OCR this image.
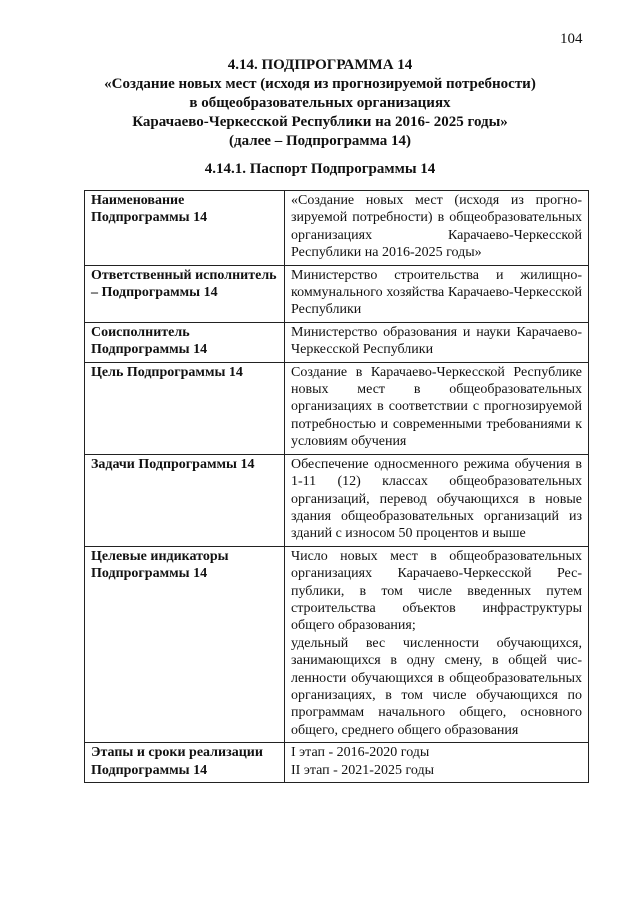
104
4.14. ПОДПРОГРАММА 14
«Создание новых мест (исходя из прогнозируемой потребности)
в общеобразовательных организациях
Карачаево-Черкесской Республики на 2016- 2025 годы»
(далее – Подпрограмма 14)
4.14.1. Паспорт Подпрограммы 14
Наименование Подпрограммы 14	«Создание новых мест (исходя из прогнозируемой потребности) в общеобразовательных организациях Карачаево-Черкесской Республики на 2016-2025 годы»
Ответственный исполнитель – Подпрограммы 14	Министерство строительства и жилищно-коммунального хозяйства Карачаево-Черкесской Республики
Соисполнитель Подпрограммы 14	Министерство образования и науки Карачаево-Черкесской Республики
Цель Подпрограммы 14	Создание в Карачаево-Черкесской Республике новых мест в общеобразовательных организациях в соответствии с прогнозируемой потребностью и современными требованиями к условиям обучения
Задачи Подпрограммы 14	Обеспечение односменного режима обучения в 1-11 (12) классах общеобразовательных организаций, перевод обучающихся в новые здания общеобразовательных организаций из зданий с износом 50 процентов и выше
Целевые индикаторы Подпрограммы 14	Число новых мест в общеобразовательных организациях Карачаево-Черкесской Республики, в том числе введенных путем строительства объектов инфраструктуры общего образования;
удельный вес численности обучающихся, занимающихся в одну смену, в общей численности обучающихся в общеобразовательных организациях, в том числе обучающихся по программам начального общего, основного общего, среднего общего образования

Этапы и сроки реализации Подпрограммы 14	I этап - 2016-2020 годы
II этап - 2021-2025 годы
